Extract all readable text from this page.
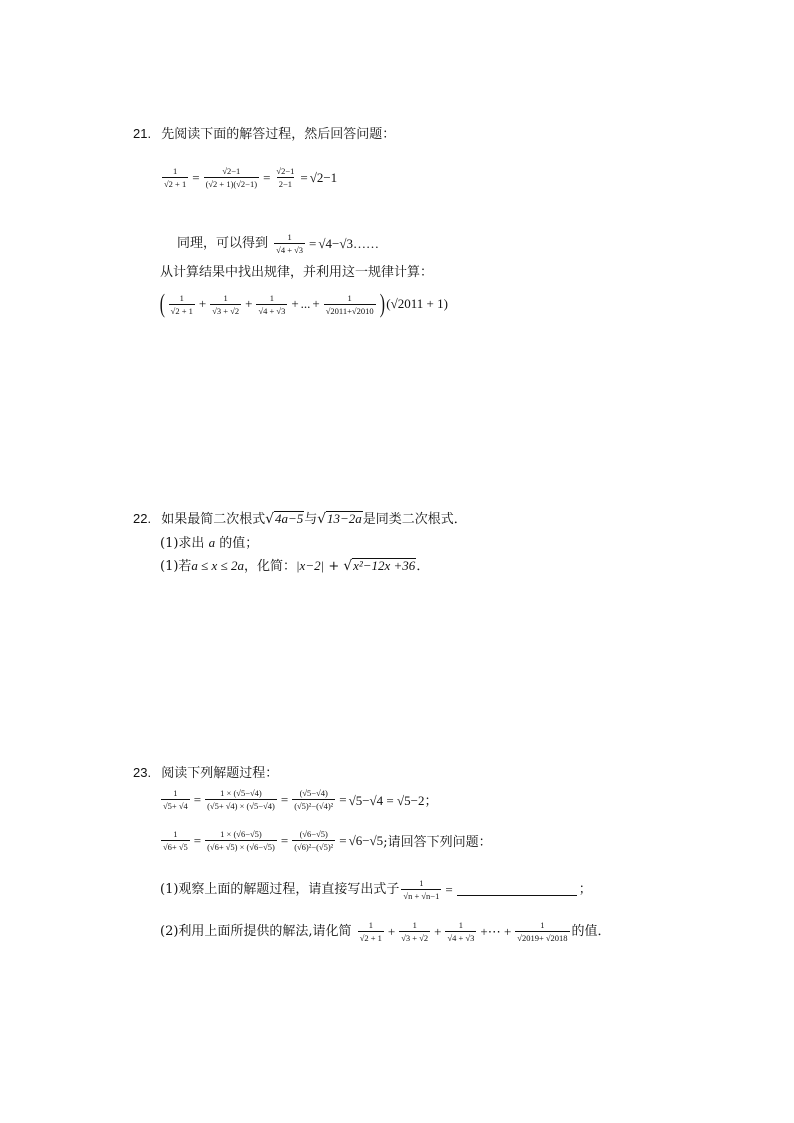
21. 先阅读下面的解答过程，然后回答问题：
$\frac{1}{√2 + 1} = \frac{√2-1}{(√2 + 1)(√2-1)} = \frac{√2-1}{2-1} = √2-1$
同理，可以得到 $\frac{1}{√4 + √3}$ = √4−√3……
从计算结果中找出规律，并利用这一规律计算：
( $\frac{1}{√2 + 1} + \frac{1}{√3 + √2} + \frac{1}{√4 + √3}$ + ... + $\frac{1}{√2011+√2010}$ ) (√2011 + 1)
22. 如果最简二次根式 √ 4a−5 与 √ 13−2a 是同类二次根式．
(1)求出 a 的值；
(1)若a ≤ x ≤ 2a，化简：|x−2| + √ x²−12x +36 ．
23. 阅读下列解题过程：
$\frac{1}{√5+ √4} = \frac{1 \times (√5-√4)}{(√5+ √4) \times (√5-√4)} = \frac{(√5-√4)}{\text{(√5)²−(√4)²}} = √5-√4 = √5-2$；
$\frac{1}{√6+ √5} = \frac{1 \times (√6-√5)}{(√6+ √5) \times (√6-√5)} = \frac{(√6-√5)}{\text{(√6)²−(√5)²}} = √6-√5$ ;请回答下列问题：
(1)观察上面的解题过程，请直接写出式子 $\frac{1}{√n + √n-1}$ =	；
(2)利用上面所提供的解法,请化简 $\frac{1}{√2 + 1} + \frac{1}{√3 + √2} + \frac{1}{√4 + √3}$ +⋯ + $\frac{1}{√2019+ √2018}$ 的值．
